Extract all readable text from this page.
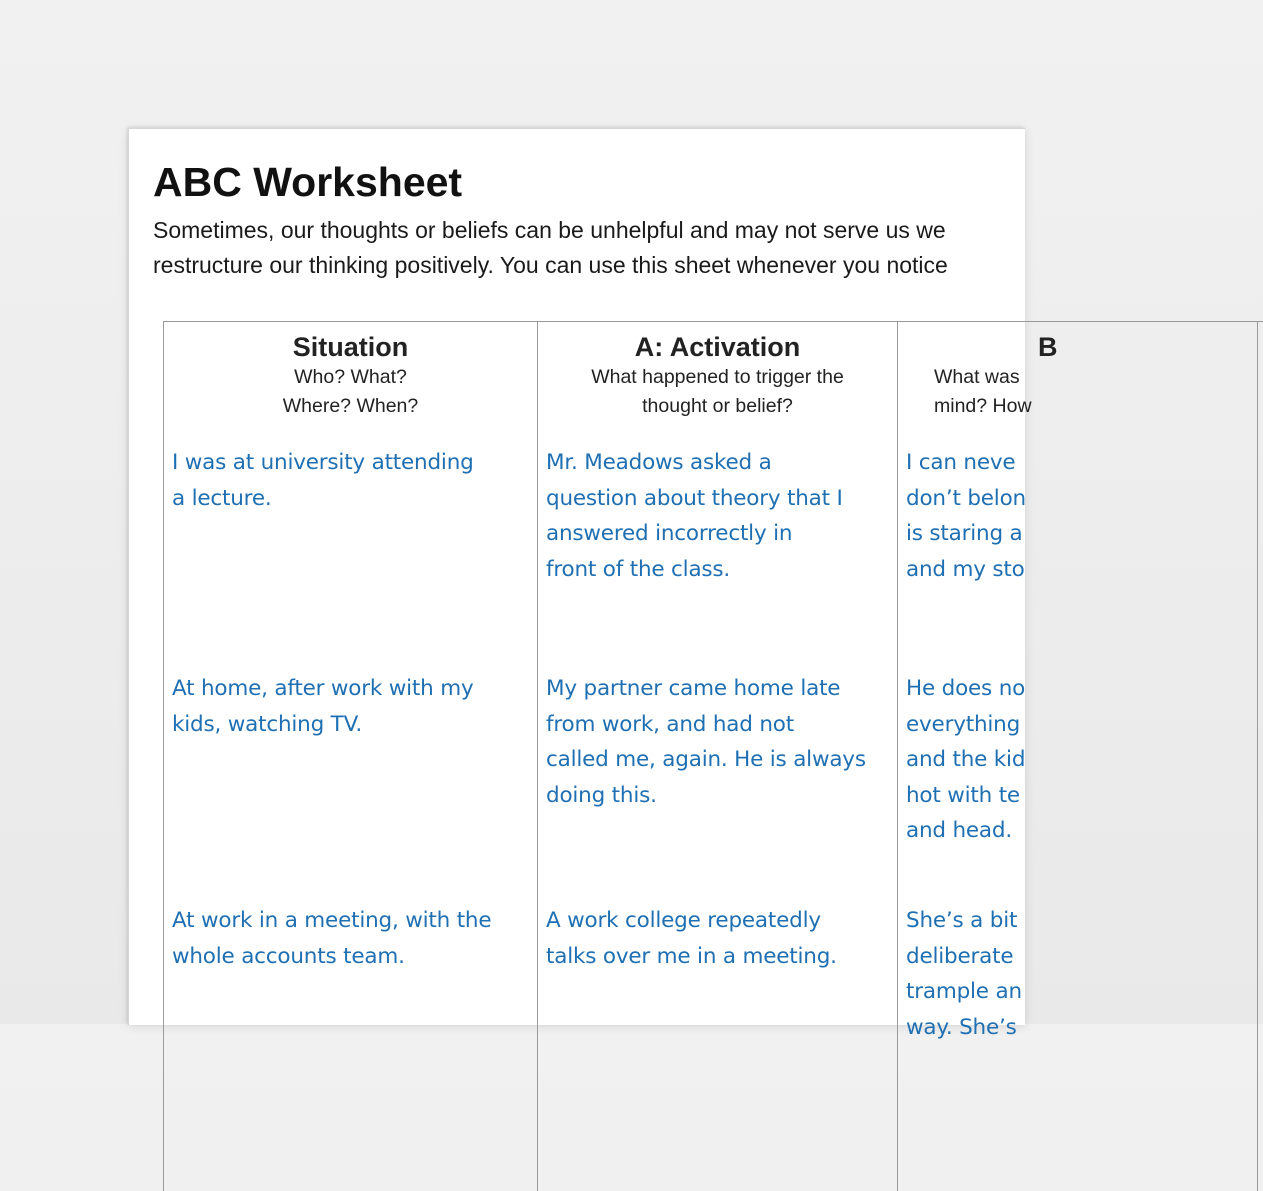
ABC Worksheet

Sometimes, our thoughts or beliefs can be unhelpful and may not serve us we
restructure our thinking positively. You can use this sheet whenever you notice

Situation
Who? What?
Where? When?
A: Activation
What happened to trigger the
thought or belief?
B
What was
mind? How
I was at university attending
a lecture.
Mr. Meadows asked a
question about theory that I
answered incorrectly in
front of the class.
I can neve
don’t belon
is staring a
and my sto
At home, after work with my
kids, watching TV.
My partner came home late
from work, and had not
called me, again. He is always
doing this.
He does no
everything
and the kid
hot with te
and head.
At work in a meeting, with the
whole accounts team.
A work college repeatedly
talks over me in a meeting.
She’s a bit
deliberate
trample an
way. She’s
